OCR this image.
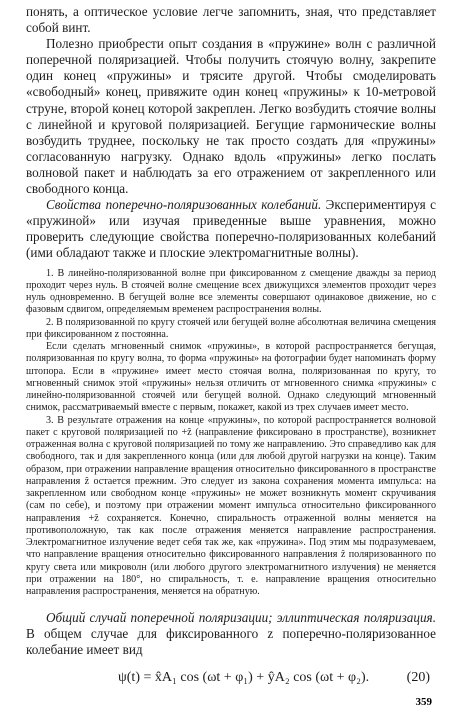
понять, а оптическое условие легче запомнить, зная, что представляет собой винт.

Полезно приобрести опыт создания в «пружине» волн с различной поперечной поляризацией. Чтобы получить стоячую волну, закрепите один конец «пружины» и трясите другой. Чтобы смоделировать «свободный» конец, привяжите один конец «пружины» к 10-метровой струне, второй конец которой закреплен. Легко возбудить стоячие волны с линейной и круговой поляризацией. Бегущие гармонические волны возбудить труднее, поскольку не так просто создать для «пружины» согласованную нагрузку. Однако вдоль «пружины» легко послать волновой пакет и наблюдать за его отражением от закрепленного или свободного конца.

Свойства поперечно-поляризованных колебаний. Экспериментируя с «пружиной» или изучая приведенные выше уравнения, можно проверить следующие свойства поперечно-поляризованных колебаний (ими обладают также и плоские электромагнитные волны).

1. В линейно-поляризованной волне при фиксированном z смещение дважды за период проходит через нуль. В стоячей волне смещение всех движущихся элементов проходит через нуль одновременно. В бегущей волне все элементы совершают одинаковое движение, но с фазовым сдвигом, определяемым временем распространения волны.

2. В поляризованной по кругу стоячей или бегущей волне абсолютная величина смещения при фиксированном z постоянна.

Если сделать мгновенный снимок «пружины», в которой распространяется бегущая, поляризованная по кругу волна, то форма «пружины» на фотографии будет напоминать форму штопора. Если в «пружине» имеет место стоячая волна, поляризованная по кругу, то мгновенный снимок этой «пружины» нельзя отличить от мгновенного снимка «пружины» с линейно-поляризованной стоячей или бегущей волной. Однако следующий мгновенный снимок, рассматриваемый вместе с первым, покажет, какой из трех случаев имеет место.

3. В результате отражения на конце «пружины», по которой распространяется волновой пакет с круговой поляризацией по +ẑ (направление фиксировано в пространстве), возникнет отраженная волна с круговой поляризацией по тому же направлению. Это справедливо как для свободного, так и для закрепленного конца (или для любой другой нагрузки на конце). Таким образом, при отражении направление вращения относительно фиксированного в пространстве направления ẑ остается прежним. Это следует из закона сохранения момента импульса: на закрепленном или свободном конце «пружины» не может возникнуть момент скручивания (сам по себе), и поэтому при отражении момент импульса относительно фиксированного направления +ẑ сохраняется. Конечно, спиральность отраженной волны меняется на противоположную, так как после отражения меняется направление распространения. Электромагнитное излучение ведет себя так же, как «пружина». Под этим мы подразумеваем, что направление вращения относительно фиксированного направления ẑ поляризованного по кругу света или микроволн (или любого другого электромагнитного излучения) не меняется при отражении на 180°, но спиральность, т. е. направление вращения относительно направления распространения, меняется на обратную.

Общий случай поперечной поляризации; эллиптическая поляризация. В общем случае для фиксированного z поперечно-поляризованное колебание имеет вид

ψ(t) = x̂A₁ cos (ωt + φ₁) + ŷA₂ cos (ωt + φ₂).	(20)
359
